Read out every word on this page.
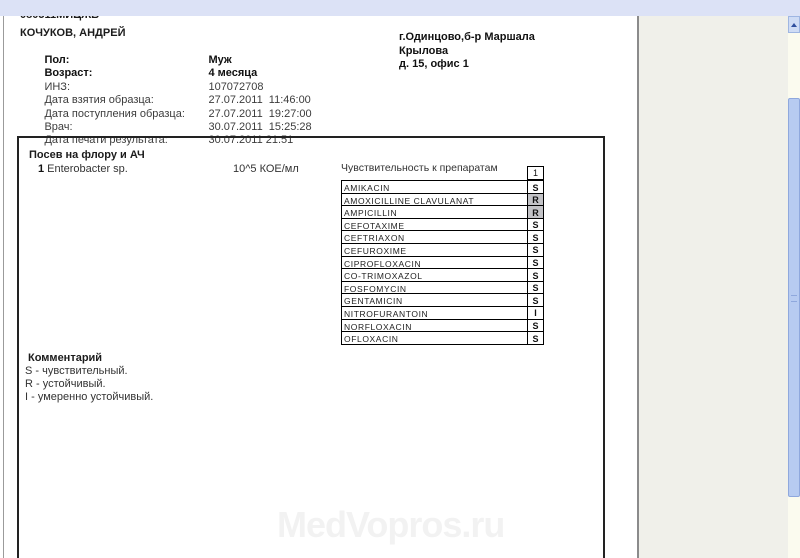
КОЧУКОВ, АНДРЕЙ

Пол:	Муж

Возраст:	4 месяца

ИНЗ:	107072708

Дата взятия образца:	27.07.2011  11:46:00

Дата поступления образца: 27.07.2011  19:27:00

Врач:	30.07.2011  15:25:28

Дата печати результата:	30.07.2011 21.51

г.Одинцово,б-р Маршала
Крылова
д. 15, офис 1
Посев на флору и АЧ
1 Enterobacter sp.	10^5 КОЕ/мл	Чувствительность к препаратам	1
AMIKACIN	S
AMOXICILLINE CLAVULANAT	R
AMPICILLIN	R
CEFOTAXIME	S
CEFTRIAXON	S
CEFUROXIME	S
CIPROFLOXACIN	S
CO-TRIMOXAZOL	S
FOSFOMYCIN	S
GENTAMICIN	S
NITROFURANTOIN	I
NORFLOXACIN	S
OFLOXACIN	S
Комментарий
S - чувствительный.
R - устойчивый.
I - умеренно устойчивый.
MedVopros.ru
